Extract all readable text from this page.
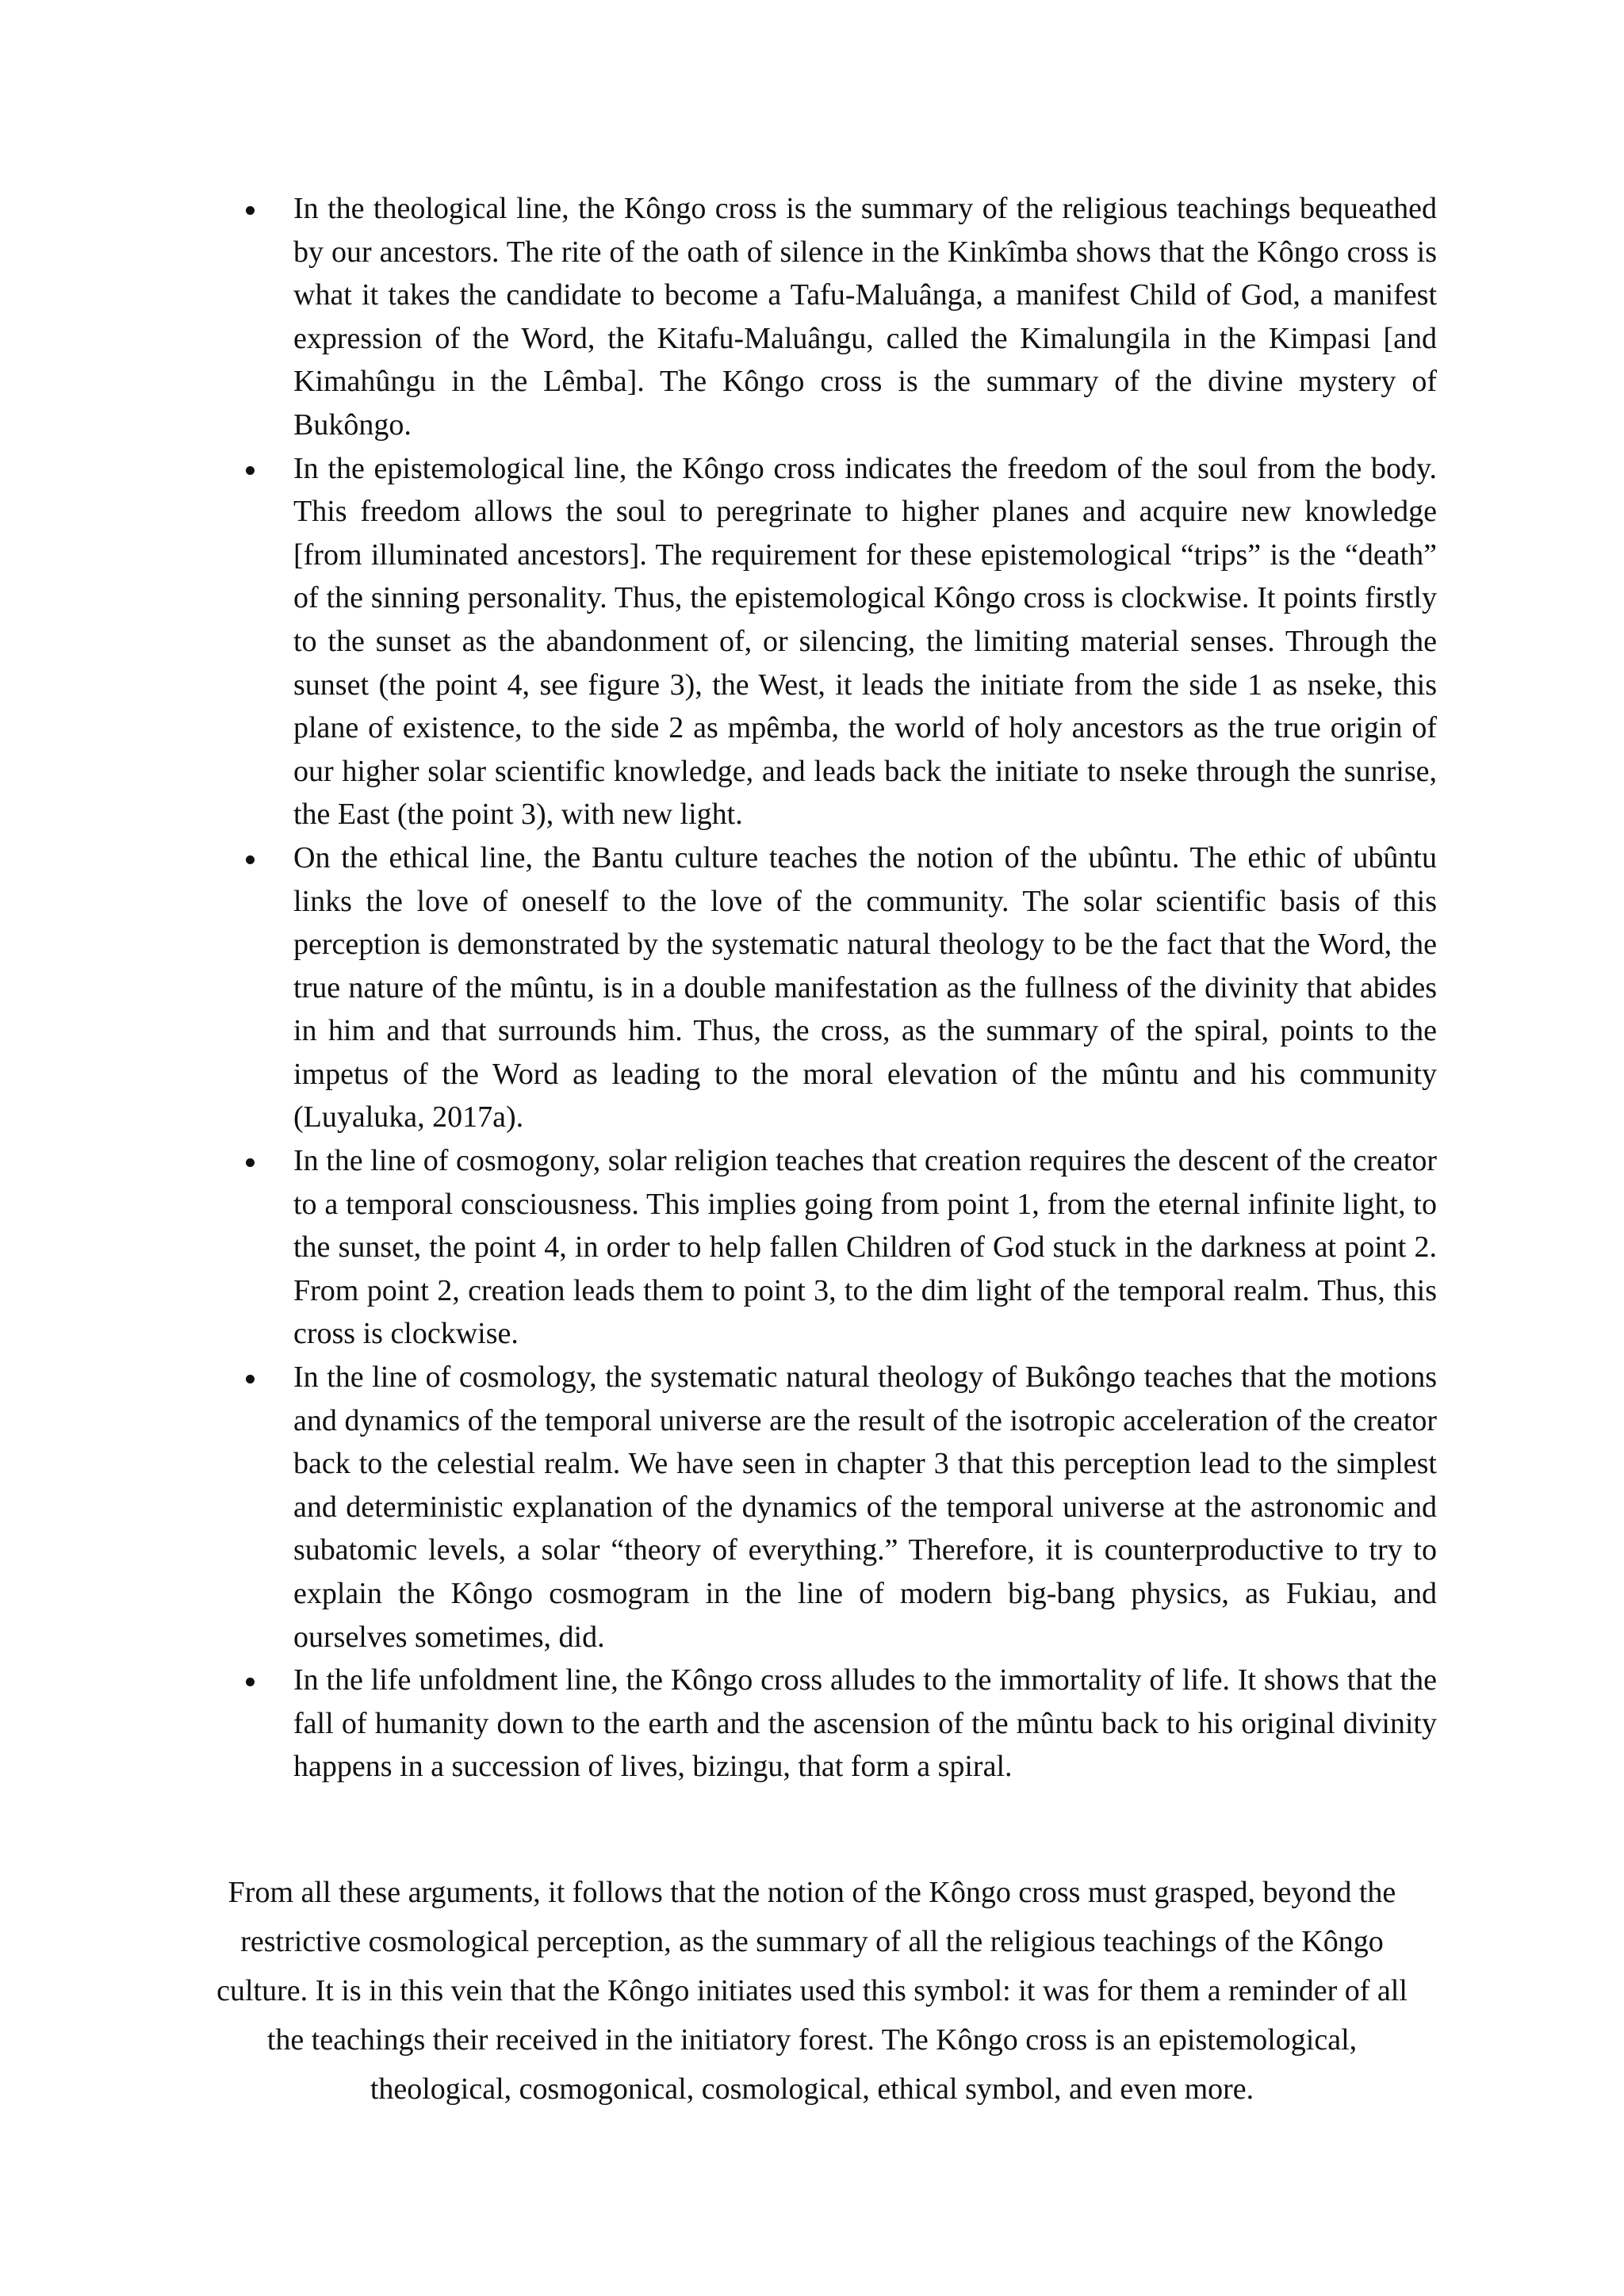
In the theological line, the Kôngo cross is the summary of the religious teachings bequeathed by our ancestors. The rite of the oath of silence in the Kinkîmba shows that the Kôngo cross is what it takes the candidate to become a Tafu-Maluânga, a manifest Child of God, a manifest expression of the Word, the Kitafu-Maluângu, called the Kimalungila in the Kimpasi [and Kimahûngu in the Lêmba]. The Kôngo cross is the summary of the divine mystery of Bukôngo.
In the epistemological line, the Kôngo cross indicates the freedom of the soul from the body. This freedom allows the soul to peregrinate to higher planes and acquire new knowledge [from illuminated ancestors]. The requirement for these epistemological “trips” is the “death” of the sinning personality. Thus, the epistemological Kôngo cross is clockwise. It points firstly to the sunset as the abandonment of, or silencing, the limiting material senses. Through the sunset (the point 4, see figure 3), the West, it leads the initiate from the side 1 as nseke, this plane of existence, to the side 2 as mpêmba, the world of holy ancestors as the true origin of our higher solar scientific knowledge, and leads back the initiate to nseke through the sunrise, the East (the point 3), with new light.
On the ethical line, the Bantu culture teaches the notion of the ubûntu. The ethic of ubûntu links the love of oneself to the love of the community. The solar scientific basis of this perception is demonstrated by the systematic natural theology to be the fact that the Word, the true nature of the mûntu, is in a double manifestation as the fullness of the divinity that abides in him and that surrounds him. Thus, the cross, as the summary of the spiral, points to the impetus of the Word as leading to the moral elevation of the mûntu and his community (Luyaluka, 2017a).
In the line of cosmogony, solar religion teaches that creation requires the descent of the creator to a temporal consciousness. This implies going from point 1, from the eternal infinite light, to the sunset, the point 4, in order to help fallen Children of God stuck in the darkness at point 2. From point 2, creation leads them to point 3, to the dim light of the temporal realm. Thus, this cross is clockwise.
In the line of cosmology, the systematic natural theology of Bukôngo teaches that the motions and dynamics of the temporal universe are the result of the isotropic acceleration of the creator back to the celestial realm. We have seen in chapter 3 that this perception lead to the simplest and deterministic explanation of the dynamics of the temporal universe at the astronomic and subatomic levels, a solar “theory of everything.” Therefore, it is counterproductive to try to explain the Kôngo cosmogram in the line of modern big-bang physics, as Fukiau, and ourselves sometimes, did.
In the life unfoldment line, the Kôngo cross alludes to the immortality of life. It shows that the fall of humanity down to the earth and the ascension of the mûntu back to his original divinity happens in a succession of lives, bizingu, that form a spiral.

From all these arguments, it follows that the notion of the Kôngo cross must grasped, beyond the restrictive cosmological perception, as the summary of all the religious teachings of the Kôngo culture. It is in this vein that the Kôngo initiates used this symbol: it was for them a reminder of all the teachings their received in the initiatory forest. The Kôngo cross is an epistemological, theological, cosmogonical, cosmological, ethical symbol, and even more.
